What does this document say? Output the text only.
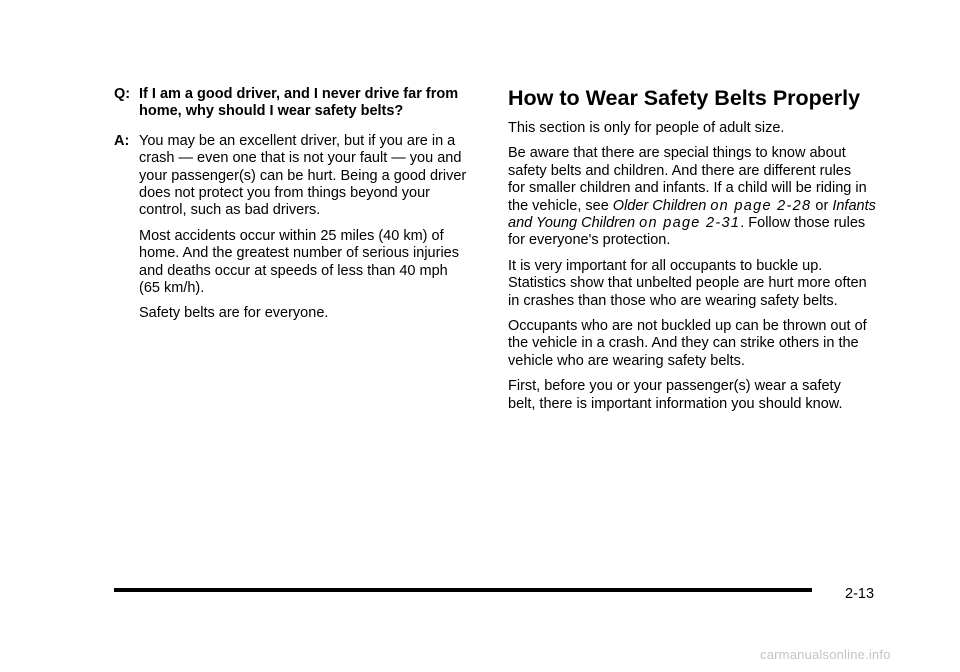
Q: If I am a good driver, and I never drive far from home, why should I wear safety belts?
A: You may be an excellent driver, but if you are in a
crash — even one that is not your fault — you and
your passenger(s) can be hurt. Being a good driver
does not protect you from things beyond your
control, such as bad drivers.

Most accidents occur within 25 miles (40 km) of
home. And the greatest number of serious injuries
and deaths occur at speeds of less than 40 mph
(65 km/h).

Safety belts are for everyone.

How to Wear Safety Belts Properly

This section is only for people of adult size.

Be aware that there are special things to know about
safety belts and children. And there are different rules
for smaller children and infants. If a child will be riding in
the vehicle, see Older Children on page 2‑28 or Infants
and Young Children on page 2‑31. Follow those rules
for everyone's protection.

It is very important for all occupants to buckle up.
Statistics show that unbelted people are hurt more often
in crashes than those who are wearing safety belts.

Occupants who are not buckled up can be thrown out of
the vehicle in a crash. And they can strike others in the
vehicle who are wearing safety belts.

First, before you or your passenger(s) wear a safety
belt, there is important information you should know.

2-13
carmanualsonline.info
